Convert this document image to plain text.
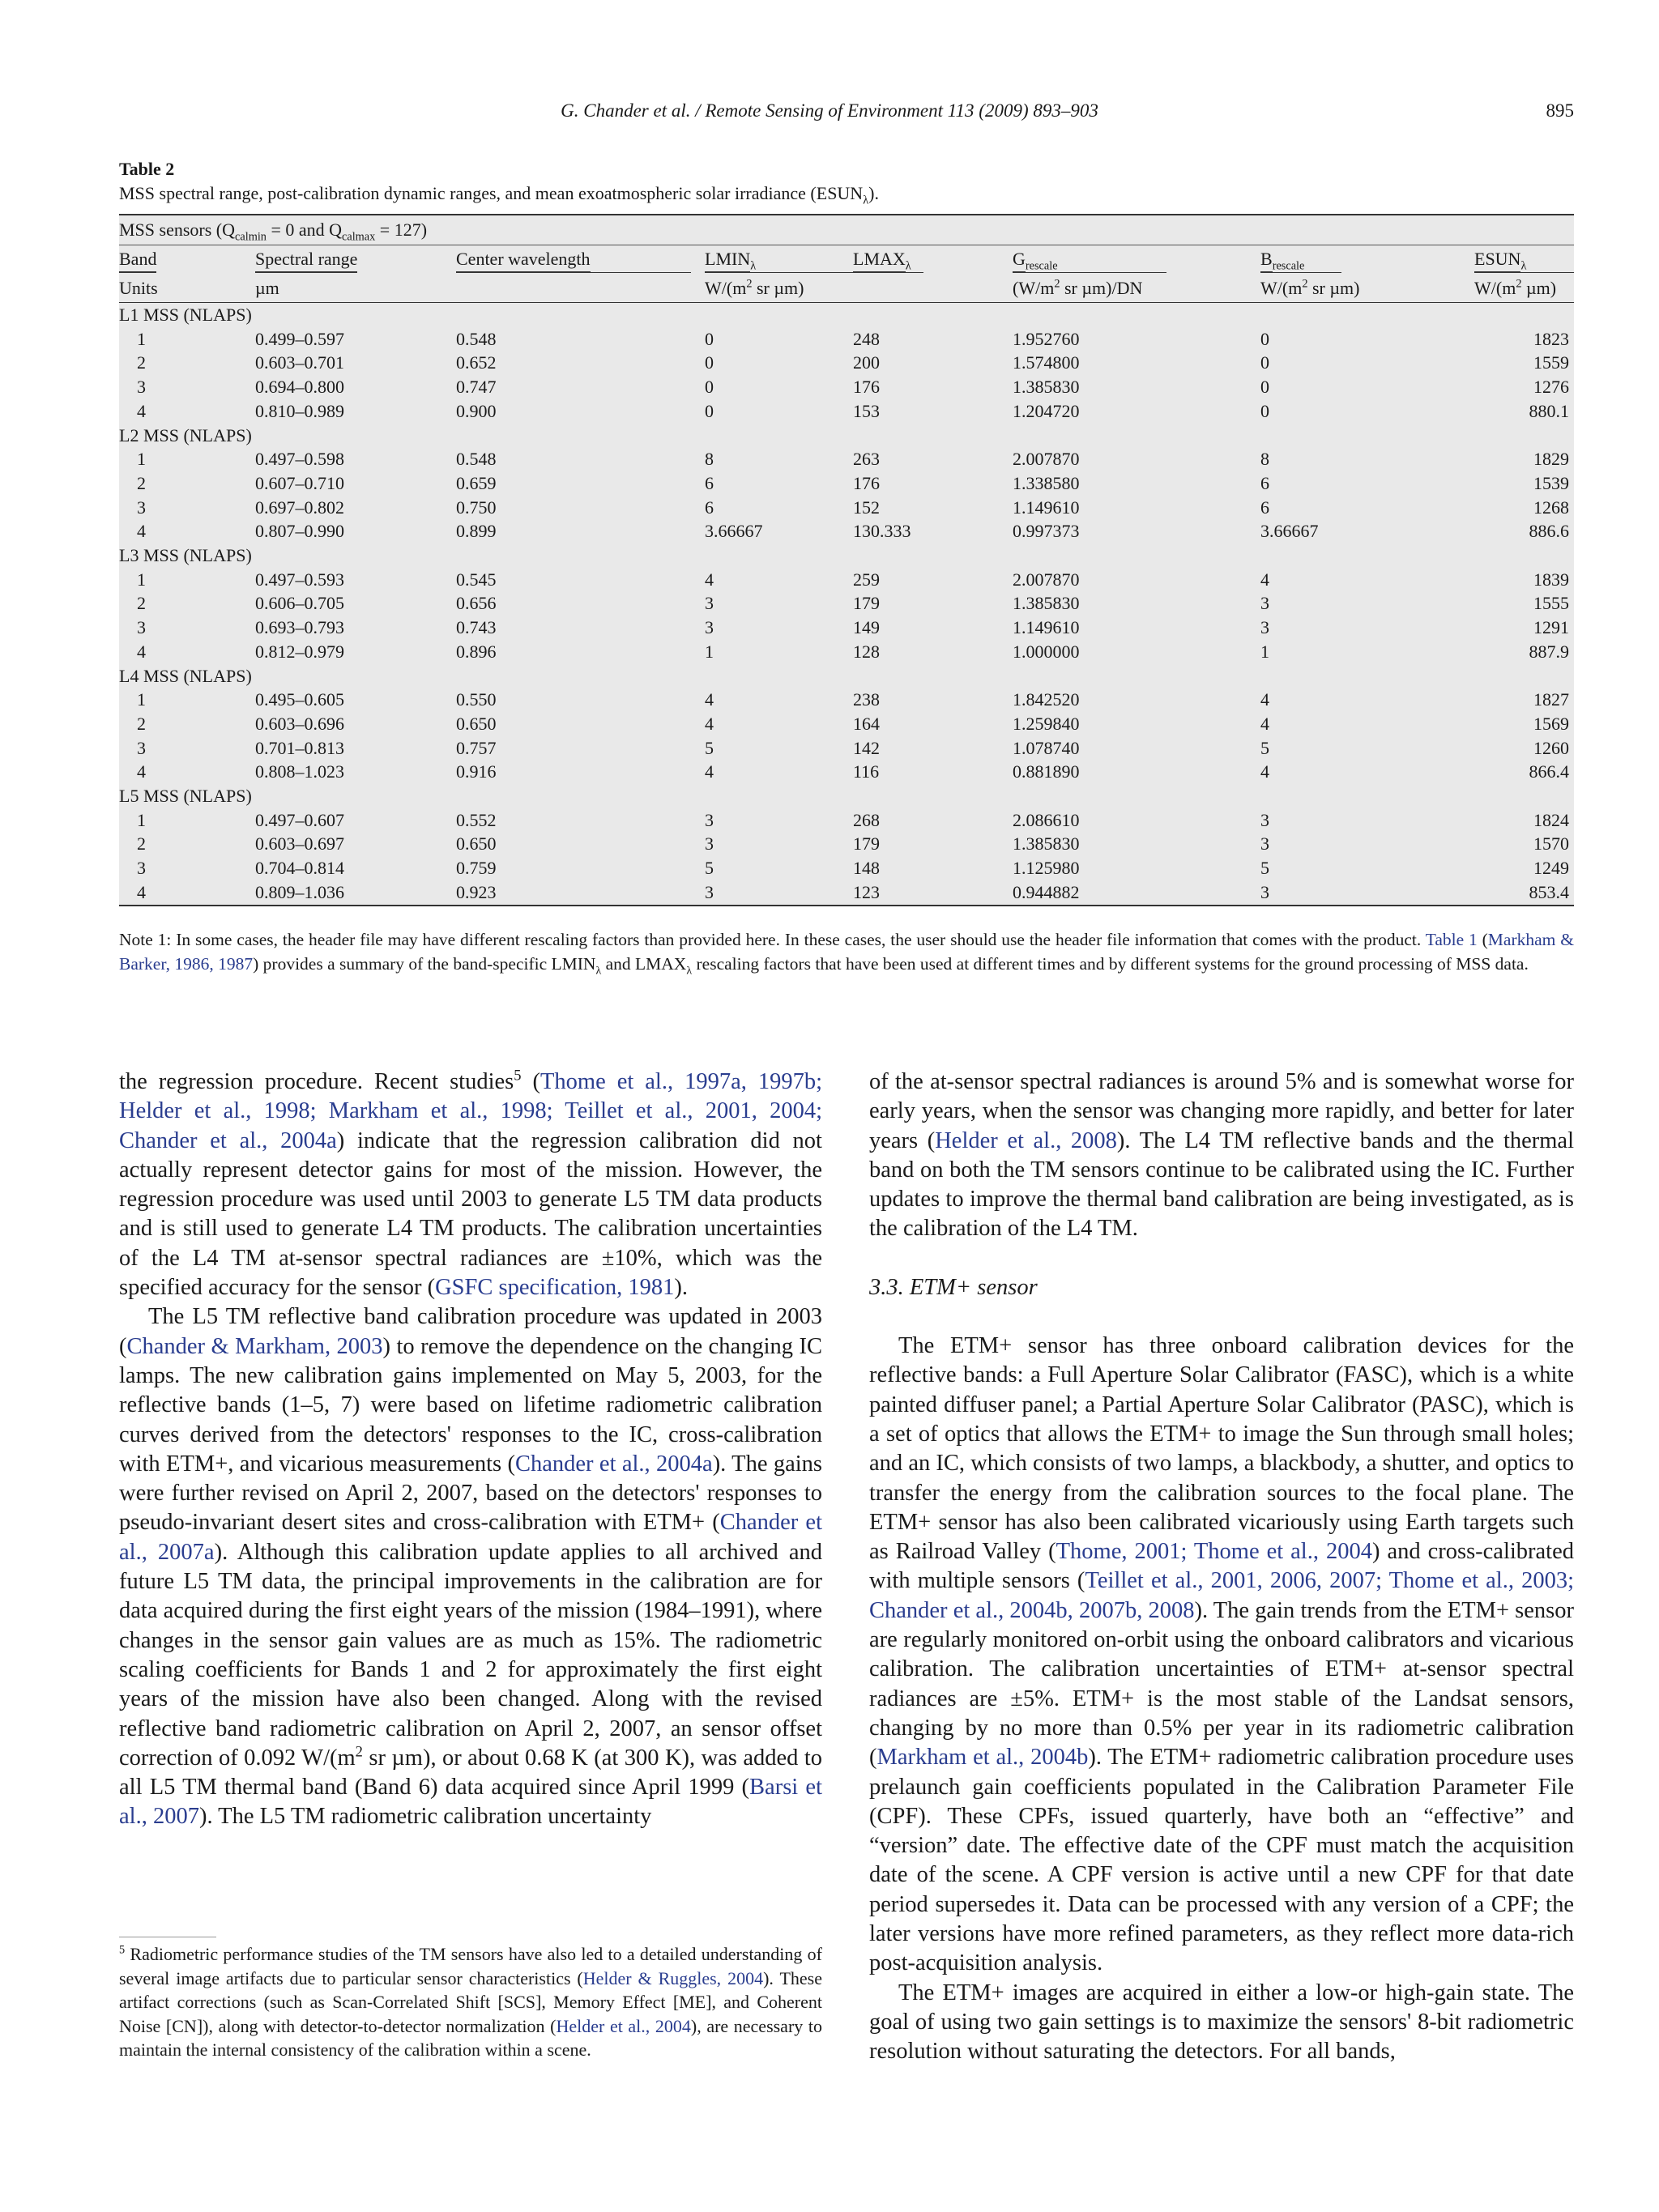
G. Chander et al. / Remote Sensing of Environment 113 (2009) 893–903	895
Table 2
MSS spectral range, post-calibration dynamic ranges, and mean exoatmospheric solar irradiance $(ESUN_\lambda)$.
MSS sensors ($Q_{calmin} = 0$ and $Q_{calmax} = 127$)							
Band	Spectral range	Center wavelength	$LMIN_\lambda$	$LMAX_\lambda$	$G_{rescale}$	$B_{rescale}$	$ESUN_\lambda$
Units	µm		$W/(m^2$ sr µm)		($W/m^2$ sr µm)/DN	$W/(m^2$ sr µm)	$W/(m^2$ µm)
L1 MSS (NLAPS)							
1	0.499–0.597	0.548	0	248	1.952760	0	1823
2	0.603–0.701	0.652	0	200	1.574800	0	1559
3	0.694–0.800	0.747	0	176	1.385830	0	1276
4	0.810–0.989	0.900	0	153	1.204720	0	880.1
L2 MSS (NLAPS)							
1	0.497–0.598	0.548	8	263	2.007870	8	1829
2	0.607–0.710	0.659	6	176	1.338580	6	1539
3	0.697–0.802	0.750	6	152	1.149610	6	1268
4	0.807–0.990	0.899	3.66667	130.333	0.997373	3.66667	886.6
L3 MSS (NLAPS)							
1	0.497–0.593	0.545	4	259	2.007870	4	1839
2	0.606–0.705	0.656	3	179	1.385830	3	1555
3	0.693–0.793	0.743	3	149	1.149610	3	1291
4	0.812–0.979	0.896	1	128	1.000000	1	887.9
L4 MSS (NLAPS)							
1	0.495–0.605	0.550	4	238	1.842520	4	1827
2	0.603–0.696	0.650	4	164	1.259840	4	1569
3	0.701–0.813	0.757	5	142	1.078740	5	1260
4	0.808–1.023	0.916	4	116	0.881890	4	866.4
L5 MSS (NLAPS)							
1	0.497–0.607	0.552	3	268	2.086610	3	1824
2	0.603–0.697	0.650	3	179	1.385830	3	1570
3	0.704–0.814	0.759	5	148	1.125980	5	1249
4	0.809–1.036	0.923	3	123	0.944882	3	853.4
Note 1: In some cases, the header file may have different rescaling factors than provided here. In these cases, the user should use the header file information that comes with the product. Table 1 (Markham & Barker, 1986, 1987) provides a summary of the band-specific $LMIN_\lambda$ and $LMAX_\lambda$ rescaling factors that have been used at different times and by different systems for the ground processing of MSS data.

the regression procedure. Recent studies$^5$ (Thome et al., 1997a, 1997b; Helder et al., 1998; Markham et al., 1998; Teillet et al., 2001, 2004; Chander et al., 2004a) indicate that the regression calibration did not actually represent detector gains for most of the mission. However, the regression procedure was used until 2003 to generate L5 TM data products and is still used to generate L4 TM products. The calibration uncertainties of the L4 TM at-sensor spectral radiances are ±10%, which was the specified accuracy for the sensor (GSFC specification, 1981).

The L5 TM reflective band calibration procedure was updated in 2003 (Chander & Markham, 2003) to remove the dependence on the changing IC lamps. The new calibration gains implemented on May 5, 2003, for the reflective bands (1–5, 7) were based on lifetime radiometric calibration curves derived from the detectors' responses to the IC, cross-calibration with ETM+, and vicarious measurements (Chander et al., 2004a). The gains were further revised on April 2, 2007, based on the detectors' responses to pseudo-invariant desert sites and cross-calibration with ETM+ (Chander et al., 2007a). Although this calibration update applies to all archived and future L5 TM data, the principal improvements in the calibration are for data acquired during the first eight years of the mission (1984–1991), where changes in the sensor gain values are as much as 15%. The radiometric scaling coefficients for Bands 1 and 2 for approximately the first eight years of the mission have also been changed. Along with the revised reflective band radiometric calibration on April 2, 2007, an sensor offset correction of 0.092 $W/(m^2$ sr µm), or about 0.68 K (at 300 K), was added to all L5 TM thermal band (Band 6) data acquired since April 1999 (Barsi et al., 2007). The L5 TM radiometric calibration uncertainty

$^5$ Radiometric performance studies of the TM sensors have also led to a detailed understanding of several image artifacts due to particular sensor characteristics (Helder & Ruggles, 2004). These artifact corrections (such as Scan-Correlated Shift [SCS], Memory Effect [ME], and Coherent Noise [CN]), along with detector-to-detector normalization (Helder et al., 2004), are necessary to maintain the internal consistency of the calibration within a scene.

of the at-sensor spectral radiances is around 5% and is somewhat worse for early years, when the sensor was changing more rapidly, and better for later years (Helder et al., 2008). The L4 TM reflective bands and the thermal band on both the TM sensors continue to be calibrated using the IC. Further updates to improve the thermal band calibration are being investigated, as is the calibration of the L4 TM.

3.3. ETM+ sensor

The ETM+ sensor has three onboard calibration devices for the reflective bands: a Full Aperture Solar Calibrator (FASC), which is a white painted diffuser panel; a Partial Aperture Solar Calibrator (PASC), which is a set of optics that allows the ETM+ to image the Sun through small holes; and an IC, which consists of two lamps, a blackbody, a shutter, and optics to transfer the energy from the calibration sources to the focal plane. The ETM+ sensor has also been calibrated vicariously using Earth targets such as Railroad Valley (Thome, 2001; Thome et al., 2004) and cross-calibrated with multiple sensors (Teillet et al., 2001, 2006, 2007; Thome et al., 2003; Chander et al., 2004b, 2007b, 2008). The gain trends from the ETM+ sensor are regularly monitored on-orbit using the onboard calibrators and vicarious calibration. The calibration uncertainties of ETM+ at-sensor spectral radiances are ±5%. ETM+ is the most stable of the Landsat sensors, changing by no more than 0.5% per year in its radiometric calibration (Markham et al., 2004b). The ETM+ radiometric calibration procedure uses prelaunch gain coefficients populated in the Calibration Parameter File (CPF). These CPFs, issued quarterly, have both an “effective” and “version” date. The effective date of the CPF must match the acquisition date of the scene. A CPF version is active until a new CPF for that date period supersedes it. Data can be processed with any version of a CPF; the later versions have more refined parameters, as they reflect more data-rich post-acquisition analysis.

The ETM+ images are acquired in either a low-or high-gain state. The goal of using two gain settings is to maximize the sensors' 8-bit radiometric resolution without saturating the detectors. For all bands,
